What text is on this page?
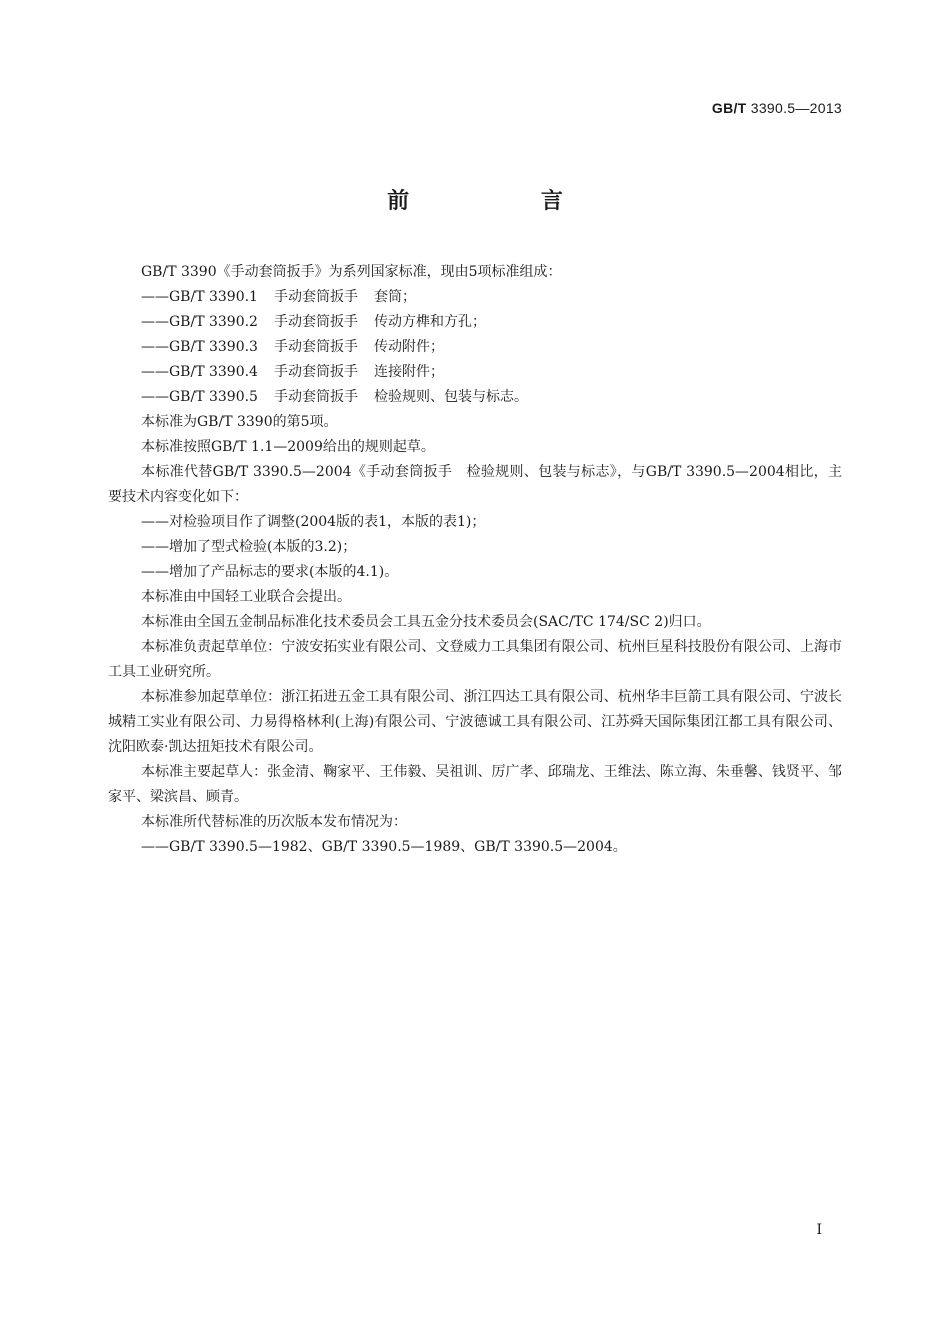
GB/T 3390.5—2013
前 言

GB/T 3390《手动套筒扳手》为系列国家标准，现由5项标准组成：

——GB/T 3390.1 手动套筒扳手 套筒；

——GB/T 3390.2 手动套筒扳手 传动方榫和方孔；

——GB/T 3390.3 手动套筒扳手 传动附件；

——GB/T 3390.4 手动套筒扳手 连接附件；

——GB/T 3390.5 手动套筒扳手 检验规则、包装与标志。

本标准为GB/T 3390的第5项。

本标准按照GB/T 1.1—2009给出的规则起草。

本标准代替GB/T 3390.5—2004《手动套筒扳手　检验规则、包装与标志》，与GB/T 3390.5—2004相比，主要技术内容变化如下：

——对检验项目作了调整(2004版的表1，本版的表1)；

——增加了型式检验(本版的3.2)；

——增加了产品标志的要求(本版的4.1)。

本标准由中国轻工业联合会提出。

本标准由全国五金制品标准化技术委员会工具五金分技术委员会(SAC/TC 174/SC 2)归口。

本标准负责起草单位：宁波安拓实业有限公司、文登威力工具集团有限公司、杭州巨星科技股份有限公司、上海市工具工业研究所。

本标准参加起草单位：浙江拓进五金工具有限公司、浙江四达工具有限公司、杭州华丰巨箭工具有限公司、宁波长城精工实业有限公司、力易得格林利(上海)有限公司、宁波德诚工具有限公司、江苏舜天国际集团江都工具有限公司、沈阳欧泰·凯达扭矩技术有限公司。

本标准主要起草人：张金清、鞠家平、王伟毅、吴祖训、厉广孝、邱瑞龙、王维法、陈立海、朱垂馨、钱贤平、邹家平、梁滨昌、顾青。

本标准所代替标准的历次版本发布情况为：

——GB/T 3390.5—1982、GB/T 3390.5—1989、GB/T 3390.5—2004。

I
